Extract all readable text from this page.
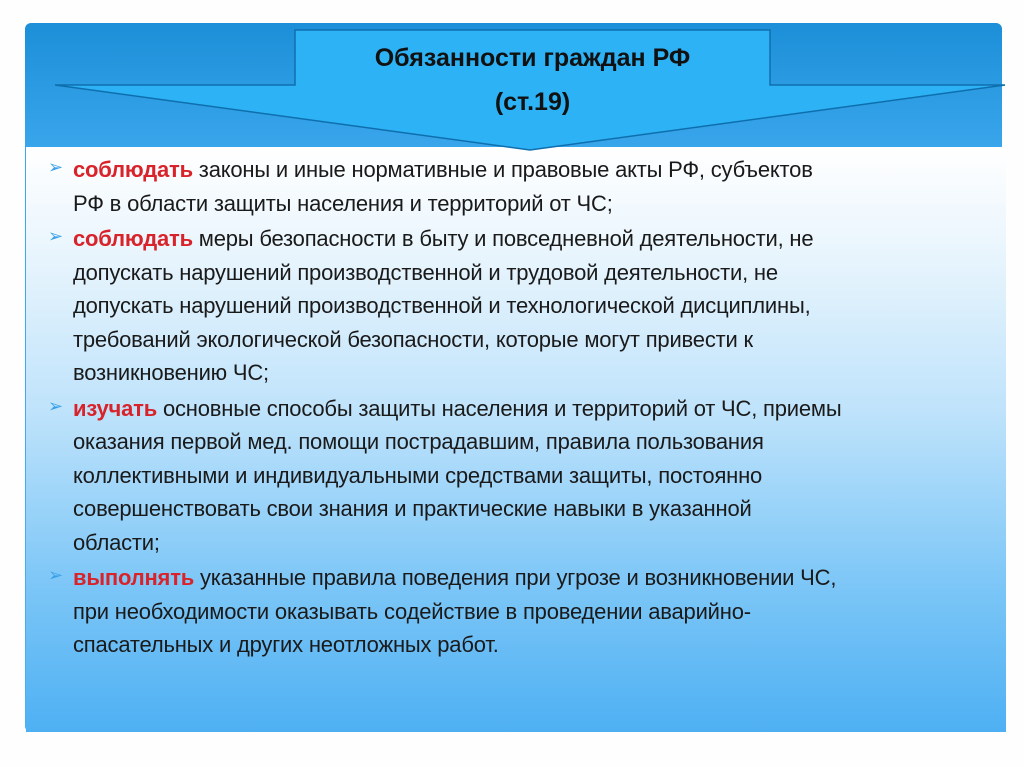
Обязанности граждан РФ
(ст.19)
➢ соблюдать законы и иные нормативные и правовые акты РФ, субъектов
РФ в области защиты населения и территорий от ЧС;
➢ соблюдать меры безопасности в быту и повседневной деятельности, не
допускать нарушений производственной и трудовой деятельности, не
допускать нарушений производственной и технологической дисциплины,
требований экологической безопасности, которые могут привести к
возникновению ЧС;
➢ изучать основные способы защиты населения и территорий от ЧС, приемы
оказания первой мед. помощи пострадавшим, правила пользования
коллективными и индивидуальными средствами защиты, постоянно
совершенствовать свои знания и практические навыки в указанной
области;
➢ выполнять указанные правила поведения при угрозе и возникновении ЧС,
при необходимости оказывать содействие в проведении аварийно-
спасательных и других неотложных работ.
